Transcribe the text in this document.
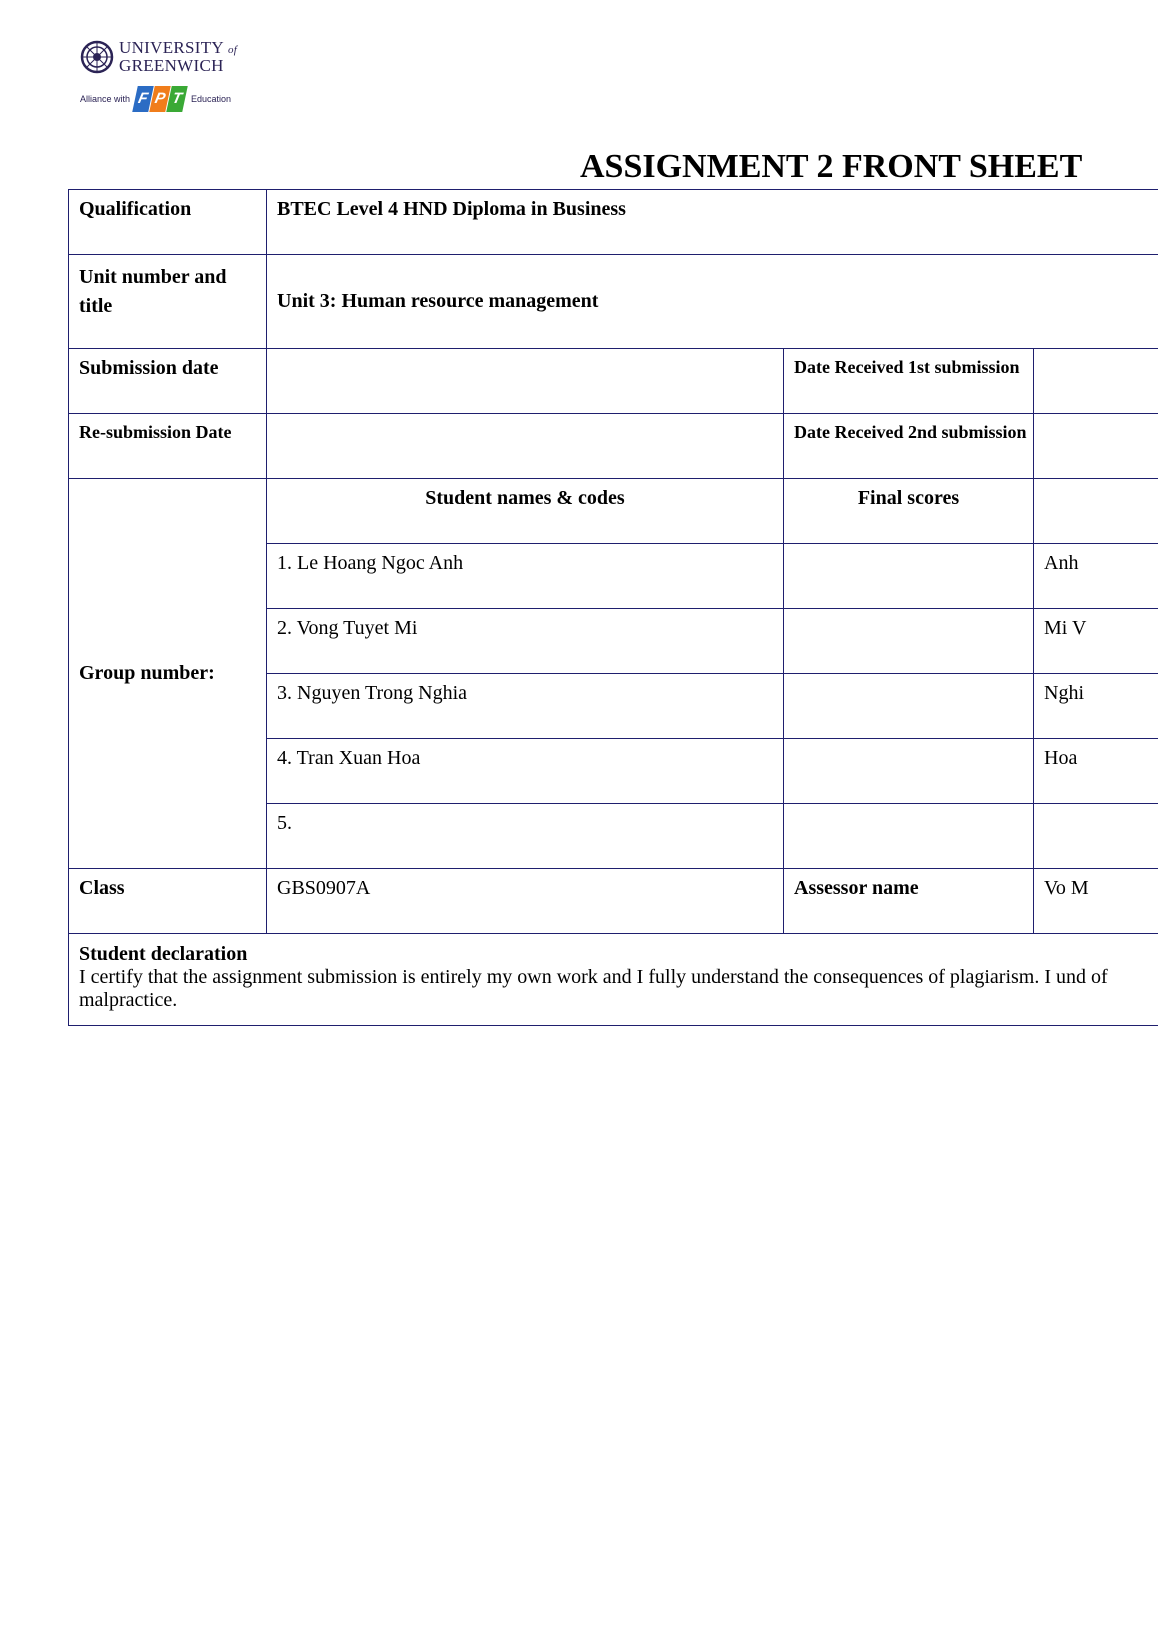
UNIVERSITY of
GREENWICH
Alliance with F P T Education
ASSIGNMENT 2 FRONT SHEET
Qualification	BTEC Level 4 HND Diploma in Business		
Unit number and title	Unit 3: Human resource management		
Submission date		Date Received 1st submission	
Re-submission Date		Date Received 2nd submission	
Group number:	Student names & codes	Final scores	
	1. Le Hoang Ngoc Anh		Anh
	2. Vong Tuyet Mi		Mi V
	3. Nguyen Trong Nghia		Nghi
	4. Tran Xuan Hoa		Hoa
	5.		
Class	GBS0907A	Assessor name	Vo M

Student declaration
I certify that the assignment submission is entirely my own work and I fully understand the consequences of plagiarism. I und of malpractice.			
